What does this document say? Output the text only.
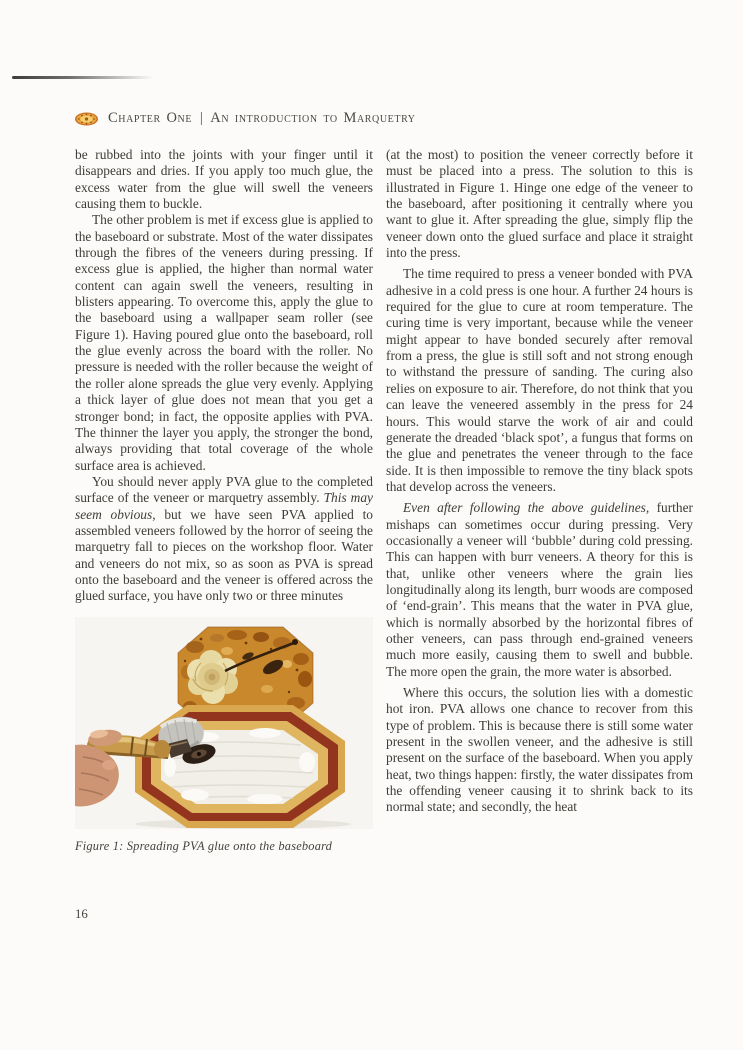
Chapter One | An introduction to Marquetry

be rubbed into the joints with your finger until it disappears and dries. If you apply too much glue, the excess water from the glue will swell the veneers causing them to buckle.

The other problem is met if excess glue is applied to the baseboard or substrate. Most of the water dissipates through the fibres of the veneers during pressing. If excess glue is applied, the higher than normal water content can again swell the veneers, resulting in blisters appearing. To overcome this, apply the glue to the baseboard using a wallpaper seam roller (see Figure 1). Having poured glue onto the baseboard, roll the glue evenly across the board with the roller. No pressure is needed with the roller because the weight of the roller alone spreads the glue very evenly. Applying a thick layer of glue does not mean that you get a stronger bond; in fact, the opposite applies with PVA. The thinner the layer you apply, the stronger the bond, always providing that total coverage of the whole surface area is achieved.

You should never apply PVA glue to the completed surface of the veneer or marquetry assembly. This may seem obvious, but we have seen PVA applied to assembled veneers followed by the horror of seeing the marquetry fall to pieces on the workshop floor. Water and veneers do not mix, so as soon as PVA is spread onto the baseboard and the veneer is offered across the glued surface, you have only two or three minutes

Figure 1: Spreading PVA glue onto the baseboard

(at the most) to position the veneer correctly before it must be placed into a press. The solution to this is illustrated in Figure 1. Hinge one edge of the veneer to the baseboard, after positioning it centrally where you want to glue it. After spreading the glue, simply flip the veneer down onto the glued surface and place it straight into the press.

The time required to press a veneer bonded with PVA adhesive in a cold press is one hour. A further 24 hours is required for the glue to cure at room temperature. The curing time is very important, because while the veneer might appear to have bonded securely after removal from a press, the glue is still soft and not strong enough to withstand the pressure of sanding. The curing also relies on exposure to air. Therefore, do not think that you can leave the veneered assembly in the press for 24 hours. This would starve the work of air and could generate the dreaded ‘black spot’, a fungus that forms on the glue and penetrates the veneer through to the face side. It is then impossible to remove the tiny black spots that develop across the veneers.

Even after following the above guidelines, further mishaps can sometimes occur during pressing. Very occasionally a veneer will ‘bubble’ during cold pressing. This can happen with burr veneers. A theory for this is that, unlike other veneers where the grain lies longitudinally along its length, burr woods are composed of ‘end-grain’. This means that the water in PVA glue, which is normally absorbed by the horizontal fibres of other veneers, can pass through end-grained veneers much more easily, causing them to swell and bubble. The more open the grain, the more water is absorbed.

Where this occurs, the solution lies with a domestic hot iron. PVA allows one chance to recover from this type of problem. This is because there is still some water present in the swollen veneer, and the adhesive is still present on the surface of the baseboard. When you apply heat, two things happen: firstly, the water dissipates from the offending veneer causing it to shrink back to its normal state; and secondly, the heat

16
